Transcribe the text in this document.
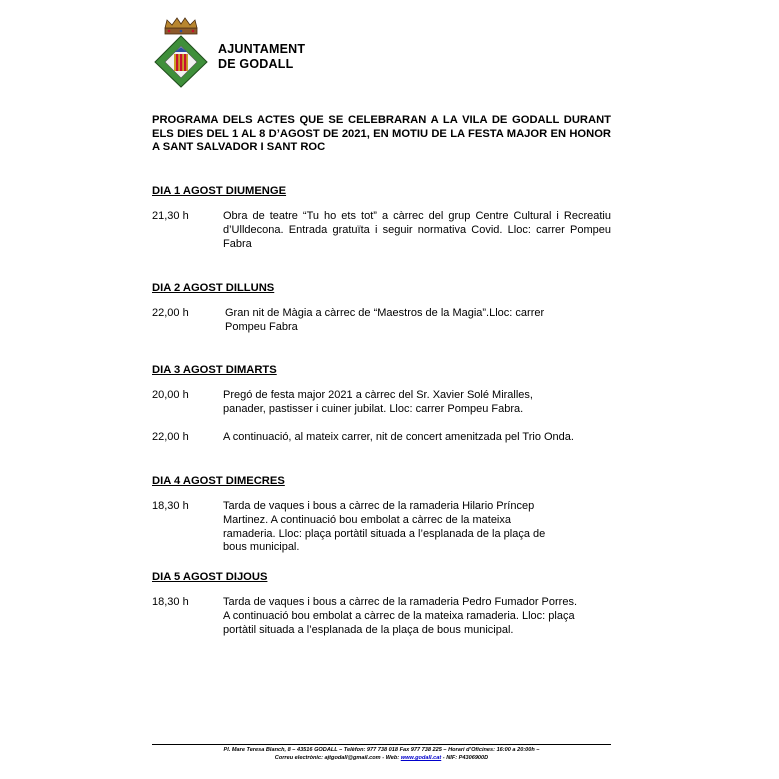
AJUNTAMENT
DE GODALL
PROGRAMA DELS ACTES QUE SE CELEBRARAN A LA VILA DE GODALL DURANT ELS DIES DEL 1 AL 8 D’AGOST DE 2021, EN MOTIU DE LA FESTA MAJOR EN HONOR A SANT SALVADOR I SANT ROC
DIA 1 AGOST DIUMENGE
21,30 h	Obra de teatre “Tu ho ets tot” a càrrec del grup Centre Cultural i Recreatiu d’Ulldecona. Entrada gratuïta i seguir normativa Covid. Lloc: carrer Pompeu Fabra
DIA 2 AGOST DILLUNS
22,00 h	Gran nit de Màgia a càrrec de “Maestros de la Magia”.Lloc: carrer Pompeu Fabra
DIA 3 AGOST DIMARTS
20,00 h	Pregó de festa major 2021 a càrrec del Sr. Xavier Solé Miralles, panader, pastisser i cuiner jubilat. Lloc: carrer Pompeu Fabra.
22,00 h	A continuació, al mateix carrer, nit de concert amenitzada pel Trio Onda.
DIA 4 AGOST DIMECRES
18,30 h	Tarda de vaques i bous a càrrec de la ramaderia Hilario Príncep Martinez. A continuació bou embolat a càrrec de la mateixa ramaderia. Lloc: plaça portàtil situada a l’esplanada de la plaça de bous municipal.
DIA 5 AGOST DIJOUS
18,30 h	Tarda de vaques i bous a càrrec de la ramaderia Pedro Fumador Porres. A continuació bou embolat a càrrec de la mateixa ramaderia. Lloc: plaça portàtil situada a l’esplanada de la plaça de bous municipal.
Pl. Mare Teresa Blanch, 8 – 43516 GODALL – Telèfon: 977 738 018 Fax 977 738 225 – Horari d’Oficines: 16:00 a 20:00h –
Correu electrònic: ajtgodall@gmail.com - Web: www.godall.cat - NIF: P4306900D
